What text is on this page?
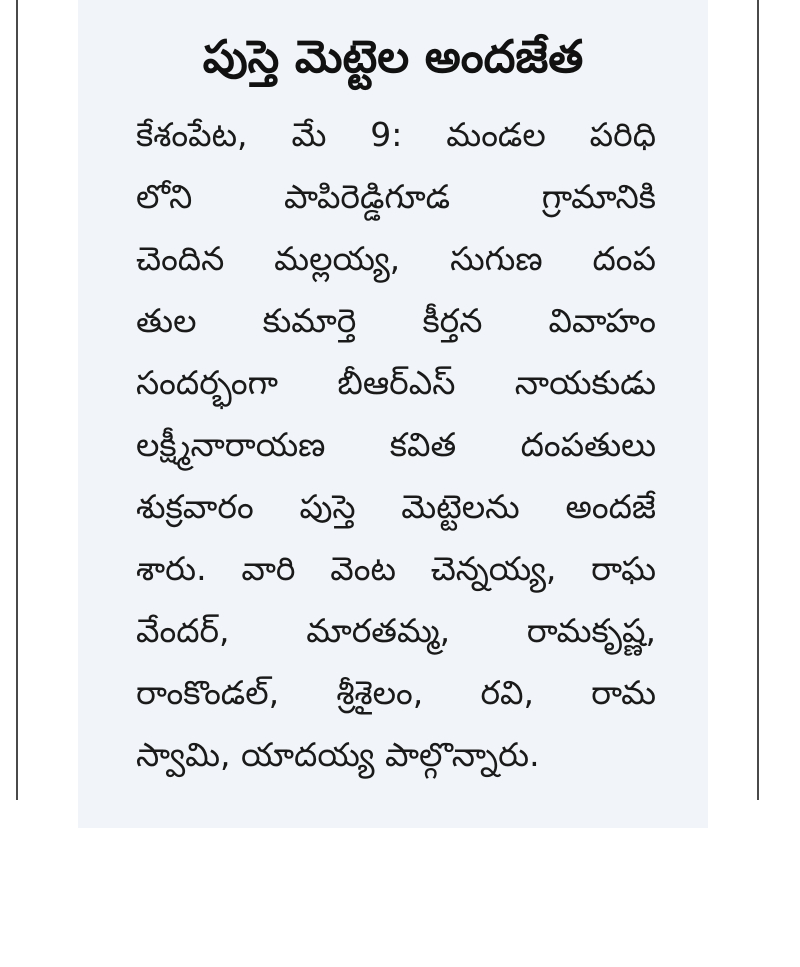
పుస్తె మెట్టెల అందజేత
కేశంపేట, మే 9: మండల పరిధి
లోని పాపిరెడ్డిగూడ గ్రామానికి
చెందిన మల్లయ్య, సుగుణ దంప
తుల కుమార్తె కీర్తన వివాహం
సందర్భంగా బీఆర్ఎస్ నాయకుడు
లక్ష్మీనారాయణ కవిత దంపతులు
శుక్రవారం పుస్తె మెట్టెలను అందజే
శారు. వారి వెంట చెన్నయ్య, రాఘ
వేందర్, మారతమ్మ, రామకృష్ణ,
రాంకొండల్, శ్రీశైలం, రవి, రామ
స్వామి, యాదయ్య పాల్గొన్నారు.
